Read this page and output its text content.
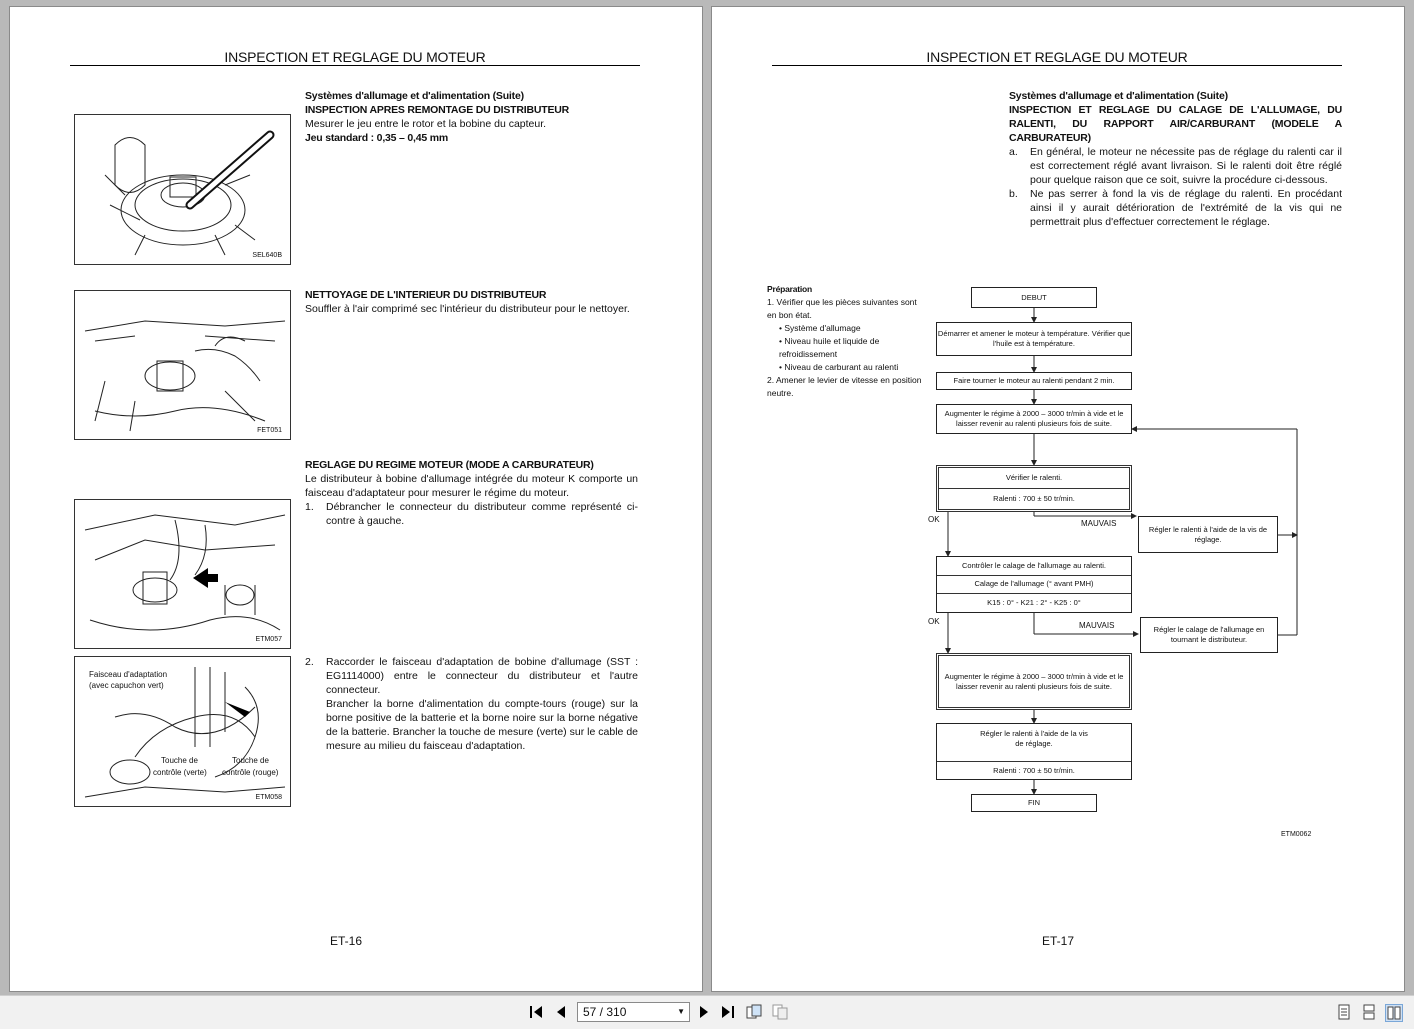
INSPECTION ET REGLAGE DU MOTEUR
SEL640B
FET051
ETM057
Faisceau d'adaptation
(avec capuchon vert)
Touche de
contrôle (verte)
Touche de
contrôle (rouge)
ETM058
Systèmes d'allumage et d'alimentation (Suite)
INSPECTION APRES REMONTAGE DU DISTRIBUTEUR
Mesurer le jeu entre le rotor et la bobine du capteur.
Jeu standard : 0,35 – 0,45 mm
NETTOYAGE DE L'INTERIEUR DU DISTRIBUTEUR
Souffler à l'air comprimé sec l'intérieur du distributeur pour le nettoyer.
REGLAGE DU REGIME MOTEUR (MODE A CARBURATEUR)
Le distributeur à bobine d'allumage intégrée du moteur K comporte un faisceau d'adaptateur pour mesurer le régime du moteur.
1.	Débrancher le connecteur du distributeur comme représenté ci-contre à gauche.
2.	Raccorder le faisceau d'adaptation de bobine d'allumage (SST : EG1114000) entre le connecteur du distributeur et l'autre connecteur.
Brancher la borne d'alimentation du compte-tours (rouge) sur la borne positive de la batterie et la borne noire sur la borne négative de la batterie. Brancher la touche de mesure (verte) sur le cable de mesure au milieu du faisceau d'adaptation.
ET-16
INSPECTION ET REGLAGE DU MOTEUR
Systèmes d'allumage et d'alimentation (Suite)
INSPECTION ET REGLAGE DU CALAGE DE L'ALLUMAGE, DU RALENTI, DU RAPPORT AIR/CARBURANT (MODELE A CARBURATEUR)
a.	En général, le moteur ne nécessite pas de réglage du ralenti car il est correctement réglé avant livraison. Si le ralenti doit être réglé pour quelque raison que ce soit, suivre la procédure ci-dessous.
b.	Ne pas serrer à fond la vis de réglage du ralenti. En procédant ainsi il y aurait détérioration de l'extrémité de la vis qui ne permettrait plus d'effectuer correctement le réglage.
Préparation
1. Vérifier que les pièces suivantes sont en bon état.
• Système d'allumage
• Niveau huile et liquide de refroidissement
• Niveau de carburant au ralenti
2. Amener le levier de vitesse en position neutre.
DEBUT
Démarrer et amener le moteur à température. Vérifier que l'huile est à température.
Faire tourner le moteur au ralenti pendant 2 min.
Augmenter le régime à 2000 – 3000 tr/min à vide et le laisser revenir au ralenti plusieurs fois de suite.
Vérifier le ralenti.
Ralenti : 700 ± 50 tr/min.
MAUVAIS
OK
Régler le ralenti à l'aide de la vis de réglage.
Contrôler le calage de l'allumage au ralenti.
Calage de l'allumage (° avant PMH)
K15 : 0° - K21 : 2° - K25 : 0°
MAUVAIS
OK
Régler le calage de l'allumage en tournant le distributeur.
Augmenter le régime à 2000 – 3000 tr/min à vide et le laisser revenir au ralenti plusieurs fois de suite.
Régler le ralenti à l'aide de la vis de réglage.
Ralenti : 700 ± 50 tr/min.
FIN
ETM0062
ET-17
57 / 310	▼
